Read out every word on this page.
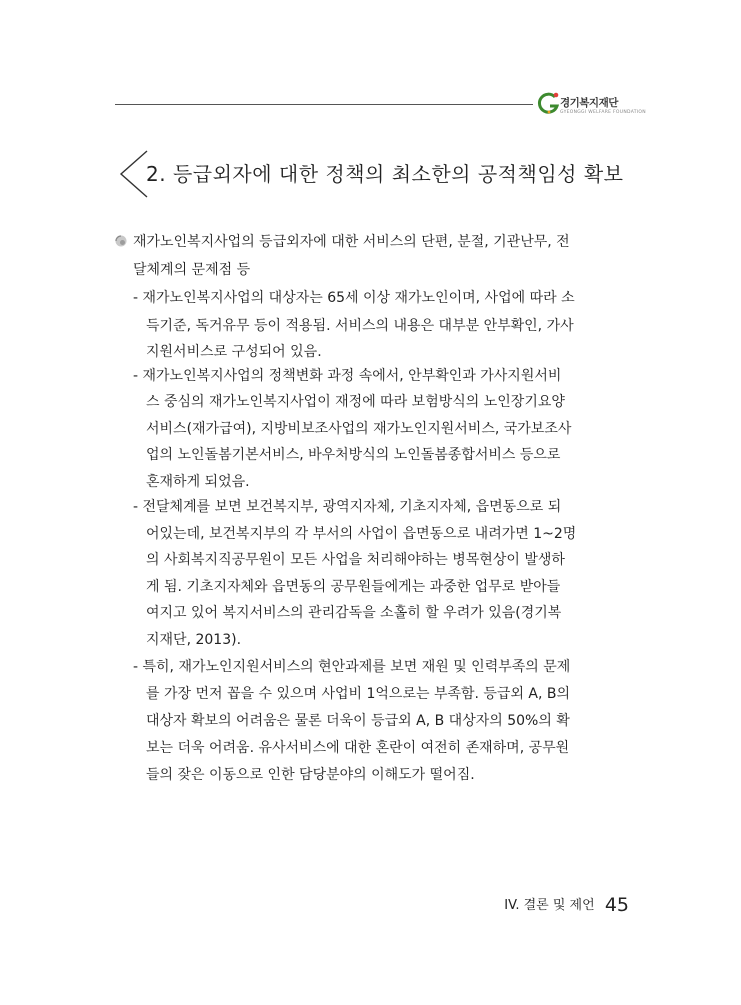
경기복지재단
GYEONGGI WELFARE FOUNDATION
2. 등급외자에 대한 정책의 최소한의 공적책임성 확보
재가노인복지사업의 등급외자에 대한 서비스의 단편, 분절, 기관난무, 전
달체계의 문제점 등
- 재가노인복지사업의 대상자는 65세 이상 재가노인이며, 사업에 따라 소
득기준, 독거유무 등이 적용됨. 서비스의 내용은 대부분 안부확인, 가사
지원서비스로 구성되어 있음.
- 재가노인복지사업의 정책변화 과정 속에서, 안부확인과 가사지원서비
스 중심의 재가노인복지사업이 재정에 따라 보험방식의 노인장기요양
서비스(재가급여), 지방비보조사업의 재가노인지원서비스, 국가보조사
업의 노인돌봄기본서비스, 바우처방식의 노인돌봄종합서비스 등으로
혼재하게 되었음.
- 전달체계를 보면 보건복지부, 광역지자체, 기초지자체, 읍면동으로 되
어있는데, 보건복지부의 각 부서의 사업이 읍면동으로 내려가면 1~2명
의 사회복지직공무원이 모든 사업을 처리해야하는 병목현상이 발생하
게 됨. 기초지자체와 읍면동의 공무원들에게는 과중한 업무로 받아들
여지고 있어 복지서비스의 관리감독을 소홀히 할 우려가 있음(경기복
지재단, 2013).
- 특히, 재가노인지원서비스의 현안과제를 보면 재원 및 인력부족의 문제
를 가장 먼저 꼽을 수 있으며 사업비 1억으로는 부족함. 등급외 A, B의
대상자 확보의 어려움은 물론 더욱이 등급외 A, B 대상자의 50%의 확
보는 더욱 어려움. 유사서비스에 대한 혼란이 여전히 존재하며, 공무원
들의 잦은 이동으로 인한 담당분야의 이해도가 떨어짐.
IV. 결론 및 제언 45
